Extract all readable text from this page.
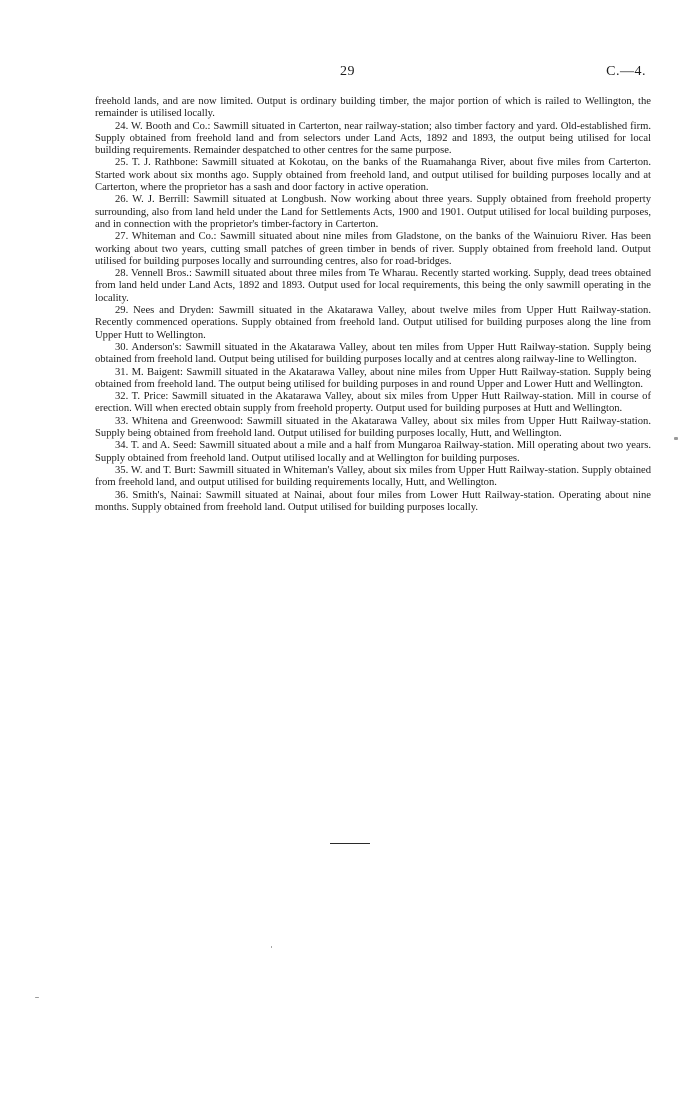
29	C.—4.

freehold lands, and are now limited. Output is ordinary building timber, the major portion of which is railed to Wellington, the remainder is utilised locally.

24. W. Booth and Co.: Sawmill situated in Carterton, near railway-station; also timber factory and yard. Old-established firm. Supply obtained from freehold land and from selectors under Land Acts, 1892 and 1893, the output being utilised for local building requirements. Remainder despatched to other centres for the same purpose.

25. T. J. Rathbone: Sawmill situated at Kokotau, on the banks of the Ruamahanga River, about five miles from Carterton. Started work about six months ago. Supply obtained from freehold land, and output utilised for building purposes locally and at Carterton, where the proprietor has a sash and door factory in active operation.

26. W. J. Berrill: Sawmill situated at Longbush. Now working about three years. Supply obtained from freehold property surrounding, also from land held under the Land for Settlements Acts, 1900 and 1901. Output utilised for local building purposes, and in connection with the proprietor's timber-factory in Carterton.

27. Whiteman and Co.: Sawmill situated about nine miles from Gladstone, on the banks of the Wainuioru River. Has been working about two years, cutting small patches of green timber in bends of river. Supply obtained from freehold land. Output utilised for building purposes locally and surrounding centres, also for road-bridges.

28. Vennell Bros.: Sawmill situated about three miles from Te Wharau. Recently started working. Supply, dead trees obtained from land held under Land Acts, 1892 and 1893. Output used for local requirements, this being the only sawmill operating in the locality.

29. Nees and Dryden: Sawmill situated in the Akatarawa Valley, about twelve miles from Upper Hutt Railway-station. Recently commenced operations. Supply obtained from freehold land. Output utilised for building purposes along the line from Upper Hutt to Wellington.

30. Anderson's: Sawmill situated in the Akatarawa Valley, about ten miles from Upper Hutt Railway-station. Supply being obtained from freehold land. Output being utilised for building purposes locally and at centres along railway-line to Wellington.

31. M. Baigent: Sawmill situated in the Akatarawa Valley, about nine miles from Upper Hutt Railway-station. Supply being obtained from freehold land. The output being utilised for building purposes in and round Upper and Lower Hutt and Wellington.

32. T. Price: Sawmill situated in the Akatarawa Valley, about six miles from Upper Hutt Railway-station. Mill in course of erection. Will when erected obtain supply from freehold property. Output used for building purposes at Hutt and Wellington.

33. Whitena and Greenwood: Sawmill situated in the Akatarawa Valley, about six miles from Upper Hutt Railway-station. Supply being obtained from freehold land. Output utilised for building purposes locally, Hutt, and Wellington.

34. T. and A. Seed: Sawmill situated about a mile and a half from Mungaroa Railway-station. Mill operating about two years. Supply obtained from freehold land. Output utilised locally and at Wellington for building purposes.

35. W. and T. Burt: Sawmill situated in Whiteman's Valley, about six miles from Upper Hutt Railway-station. Supply obtained from freehold land, and output utilised for building requirements locally, Hutt, and Wellington.

36. Smith's, Nainai: Sawmill situated at Nainai, about four miles from Lower Hutt Railway-station. Operating about nine months. Supply obtained from freehold land. Output utilised for building purposes locally.
